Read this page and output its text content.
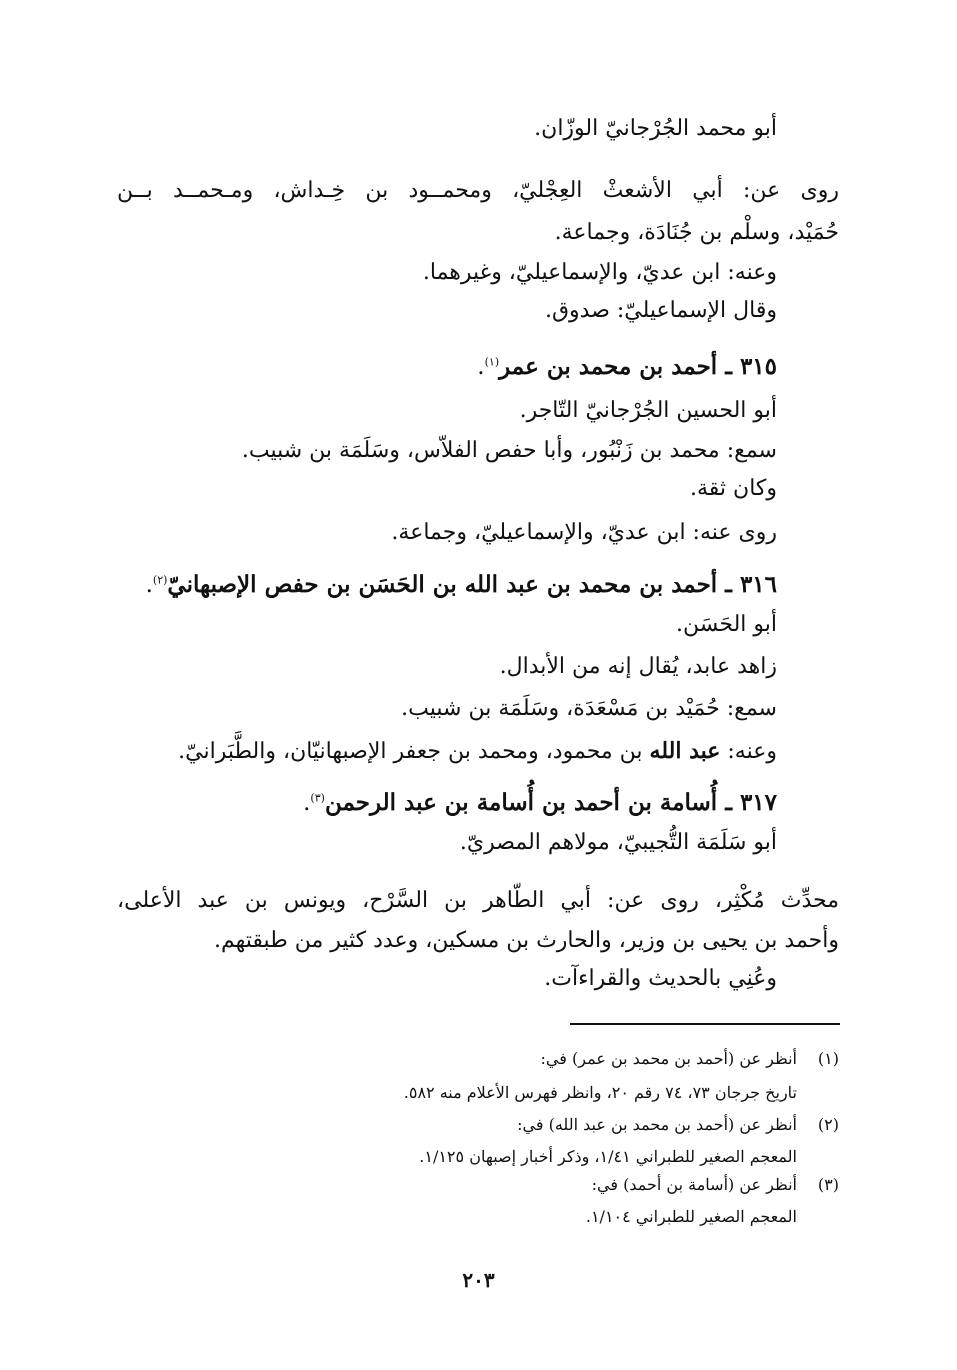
أبو محمد الجُرْجانيّ الوزّان.
روى عن: أبي الأشعثْ العِجْليّ، ومحمــود بن خِـداش، ومـحمــد بــن
حُمَيْد، وسلْم بن جُنَادَة، وجماعة.
وعنه: ابن عديّ، والإسماعيليّ، وغيرهما.
وقال الإسماعيليّ: صدوق.
٣١٥ ـ أحمد بن محمد بن عمر$^{(١)}$.
أبو الحسين الجُرْجانيّ التّاجر.
سمع: محمد بن زَنْبُور، وأبا حفص الفلاّس، وسَلَمَة بن شبيب.
وكان ثقة.
روى عنه: ابن عديّ، والإسماعيليّ، وجماعة.
٣١٦ ـ أحمد بن محمد بن عبد الله بن الحَسَن بن حفص الإصبهانيّ$^{(٢)}$.
أبو الحَسَن.
زاهد عابد، يُقال إنه من الأبدال.
سمع: حُمَيْد بن مَسْعَدَة، وسَلَمَة بن شبيب.
وعنه: عبد الله بن محمود، ومحمد بن جعفر الإصبهانيّان، والطَّبَرانيّ.
٣١٧ ـ أُسامة بن أحمد بن أُسامة بن عبد الرحمن$^{(٣)}$.
أبو سَلَمَة التُّجيبيّ، مولاهم المصريّ.
محدِّث مُكْثِر، روى عن: أبي الطّاهر بن السَّرْح، ويونس بن عبد الأعلى،
وأحمد بن يحيى بن وزير، والحارث بن مسكين، وعدد كثير من طبقتهم.
وعُنِي بالحديث والقراءآت.
(١)
أنظر عن (أحمد بن محمد بن عمر) في:
تاريخ جرجان ٧٣، ٧٤ رقم ٢٠، وانظر فهرس الأعلام منه ٥٨٢.
(٢)
أنظر عن (أحمد بن محمد بن عبد الله) في:
المعجم الصغير للطبراني ١/٤١، وذكر أخبار إصبهان ١/١٢٥.
(٣)
أنظر عن (أسامة بن أحمد) في:
المعجم الصغير للطبراني ١/١٠٤.
٢٠٣
